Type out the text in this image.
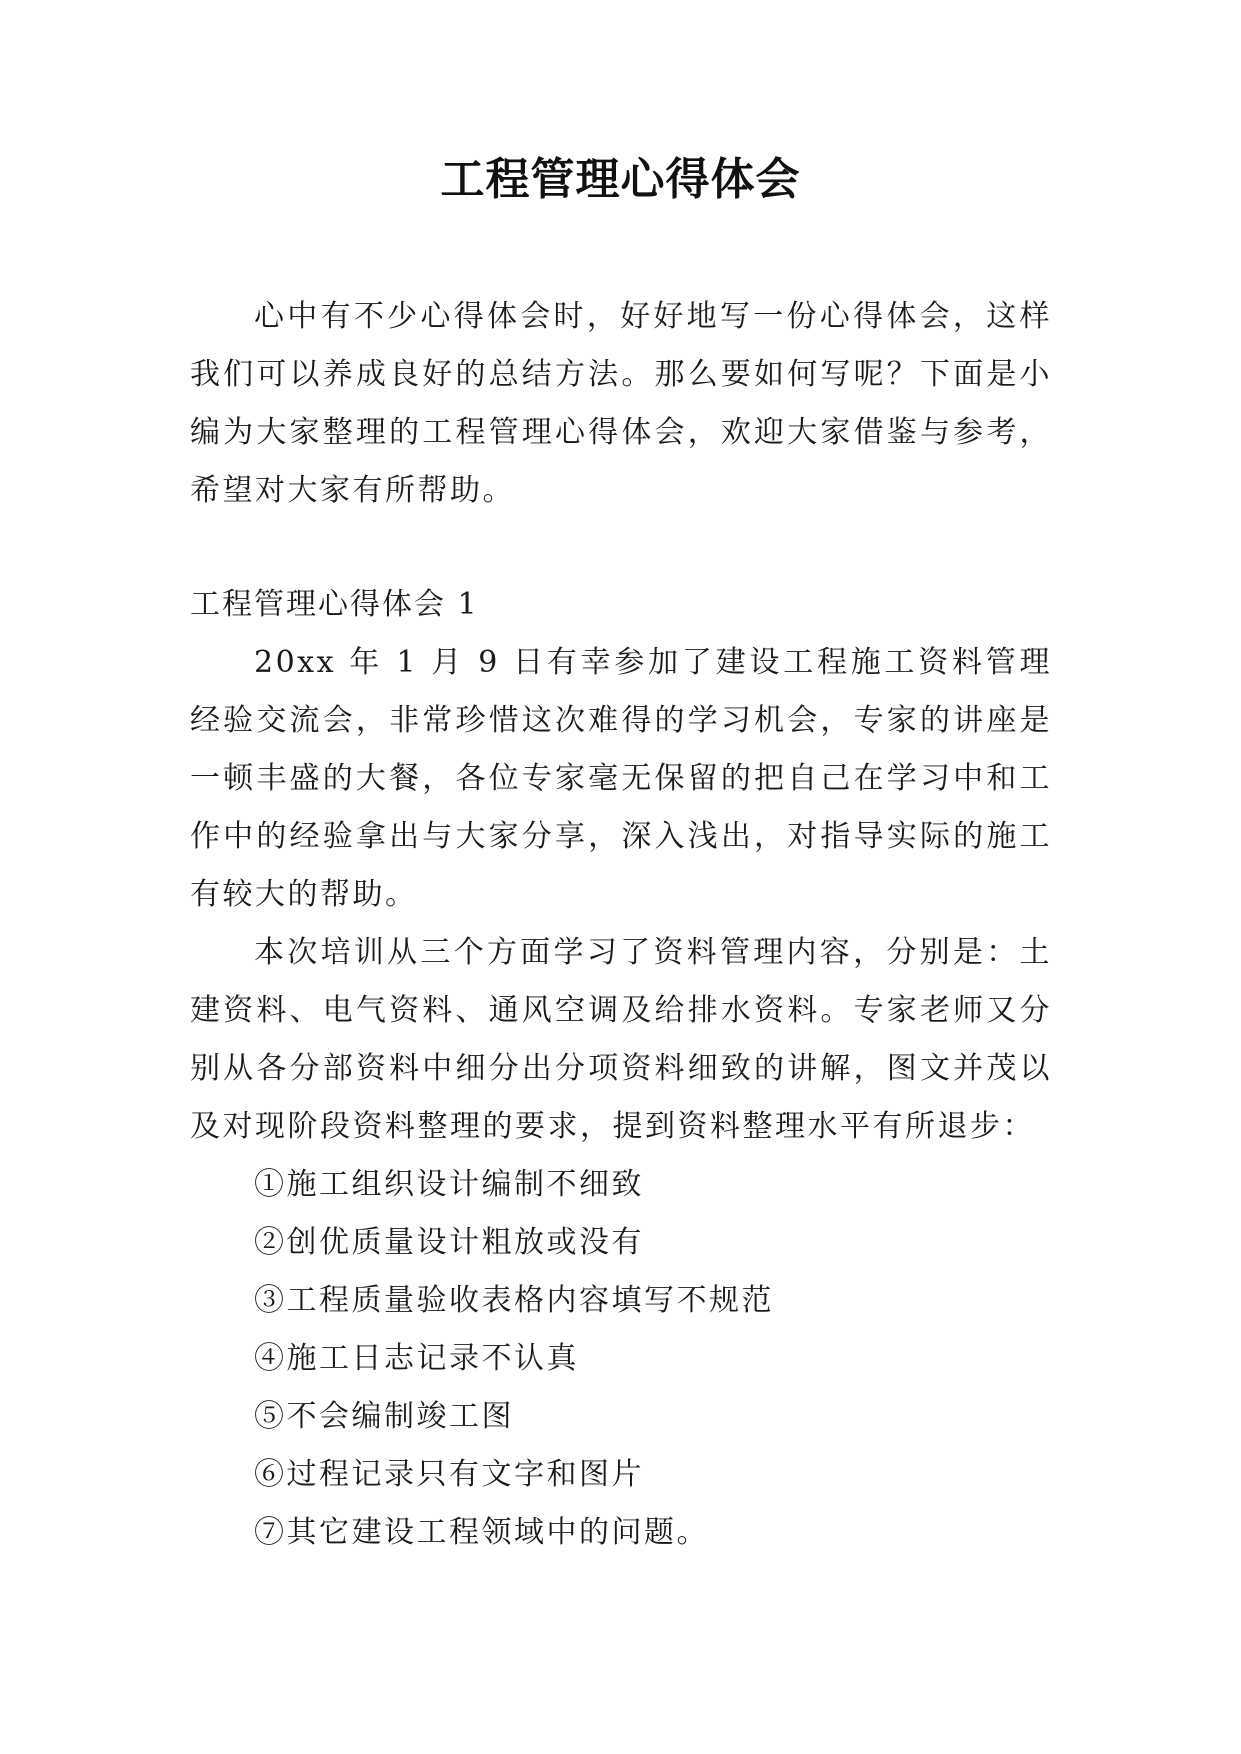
工程管理心得体会

心中有不少心得体会时，好好地写一份心得体会，这样我们可以养成良好的总结方法。那么要如何写呢？下面是小编为大家整理的工程管理心得体会，欢迎大家借鉴与参考，希望对大家有所帮助。

工程管理心得体会 1

20xx 年 1 月 9 日有幸参加了建设工程施工资料管理经验交流会，非常珍惜这次难得的学习机会，专家的讲座是一顿丰盛的大餐，各位专家毫无保留的把自己在学习中和工作中的经验拿出与大家分享，深入浅出，对指导实际的施工有较大的帮助。

本次培训从三个方面学习了资料管理内容，分别是：土建资料、电气资料、通风空调及给排水资料。专家老师又分别从各分部资料中细分出分项资料细致的讲解，图文并茂以及对现阶段资料整理的要求，提到资料整理水平有所退步：

①施工组织设计编制不细致
②创优质量设计粗放或没有
③工程质量验收表格内容填写不规范
④施工日志记录不认真
⑤不会编制竣工图
⑥过程记录只有文字和图片
⑦其它建设工程领域中的问题。
